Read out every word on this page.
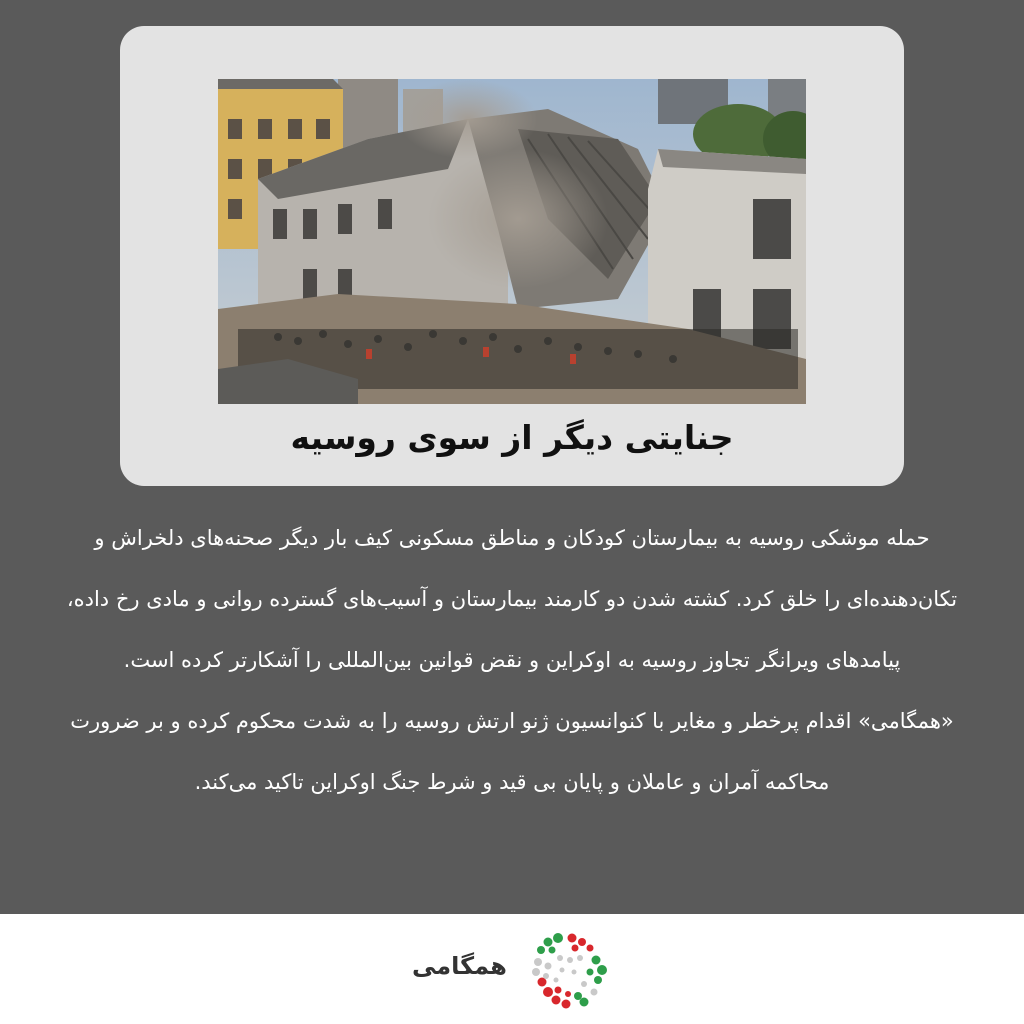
جنایتی دیگر از سوی روسیه

حمله موشکی روسیه به بیمارستان کودکان و مناطق مسکونی کیف بار دیگر صحنه‌های دلخراش و تکان‌دهنده‌ای را خلق کرد. کشته شدن دو کارمند بیمارستان و آسیب‌های گسترده روانی و مادی رخ داده، پیامدهای ویرانگر تجاوز روسیه به اوکراین و نقض قوانین بین‌المللی را آشکارتر کرده است.

«همگامی» اقدام پرخطر و مغایر با کنوانسیون ژنو ارتش روسیه را به شدت محکوم کرده و بر ضرورت محاکمه آمران و عاملان و پایان بی قید و شرط جنگ اوکراین تاکید می‌کند.

همگامی
